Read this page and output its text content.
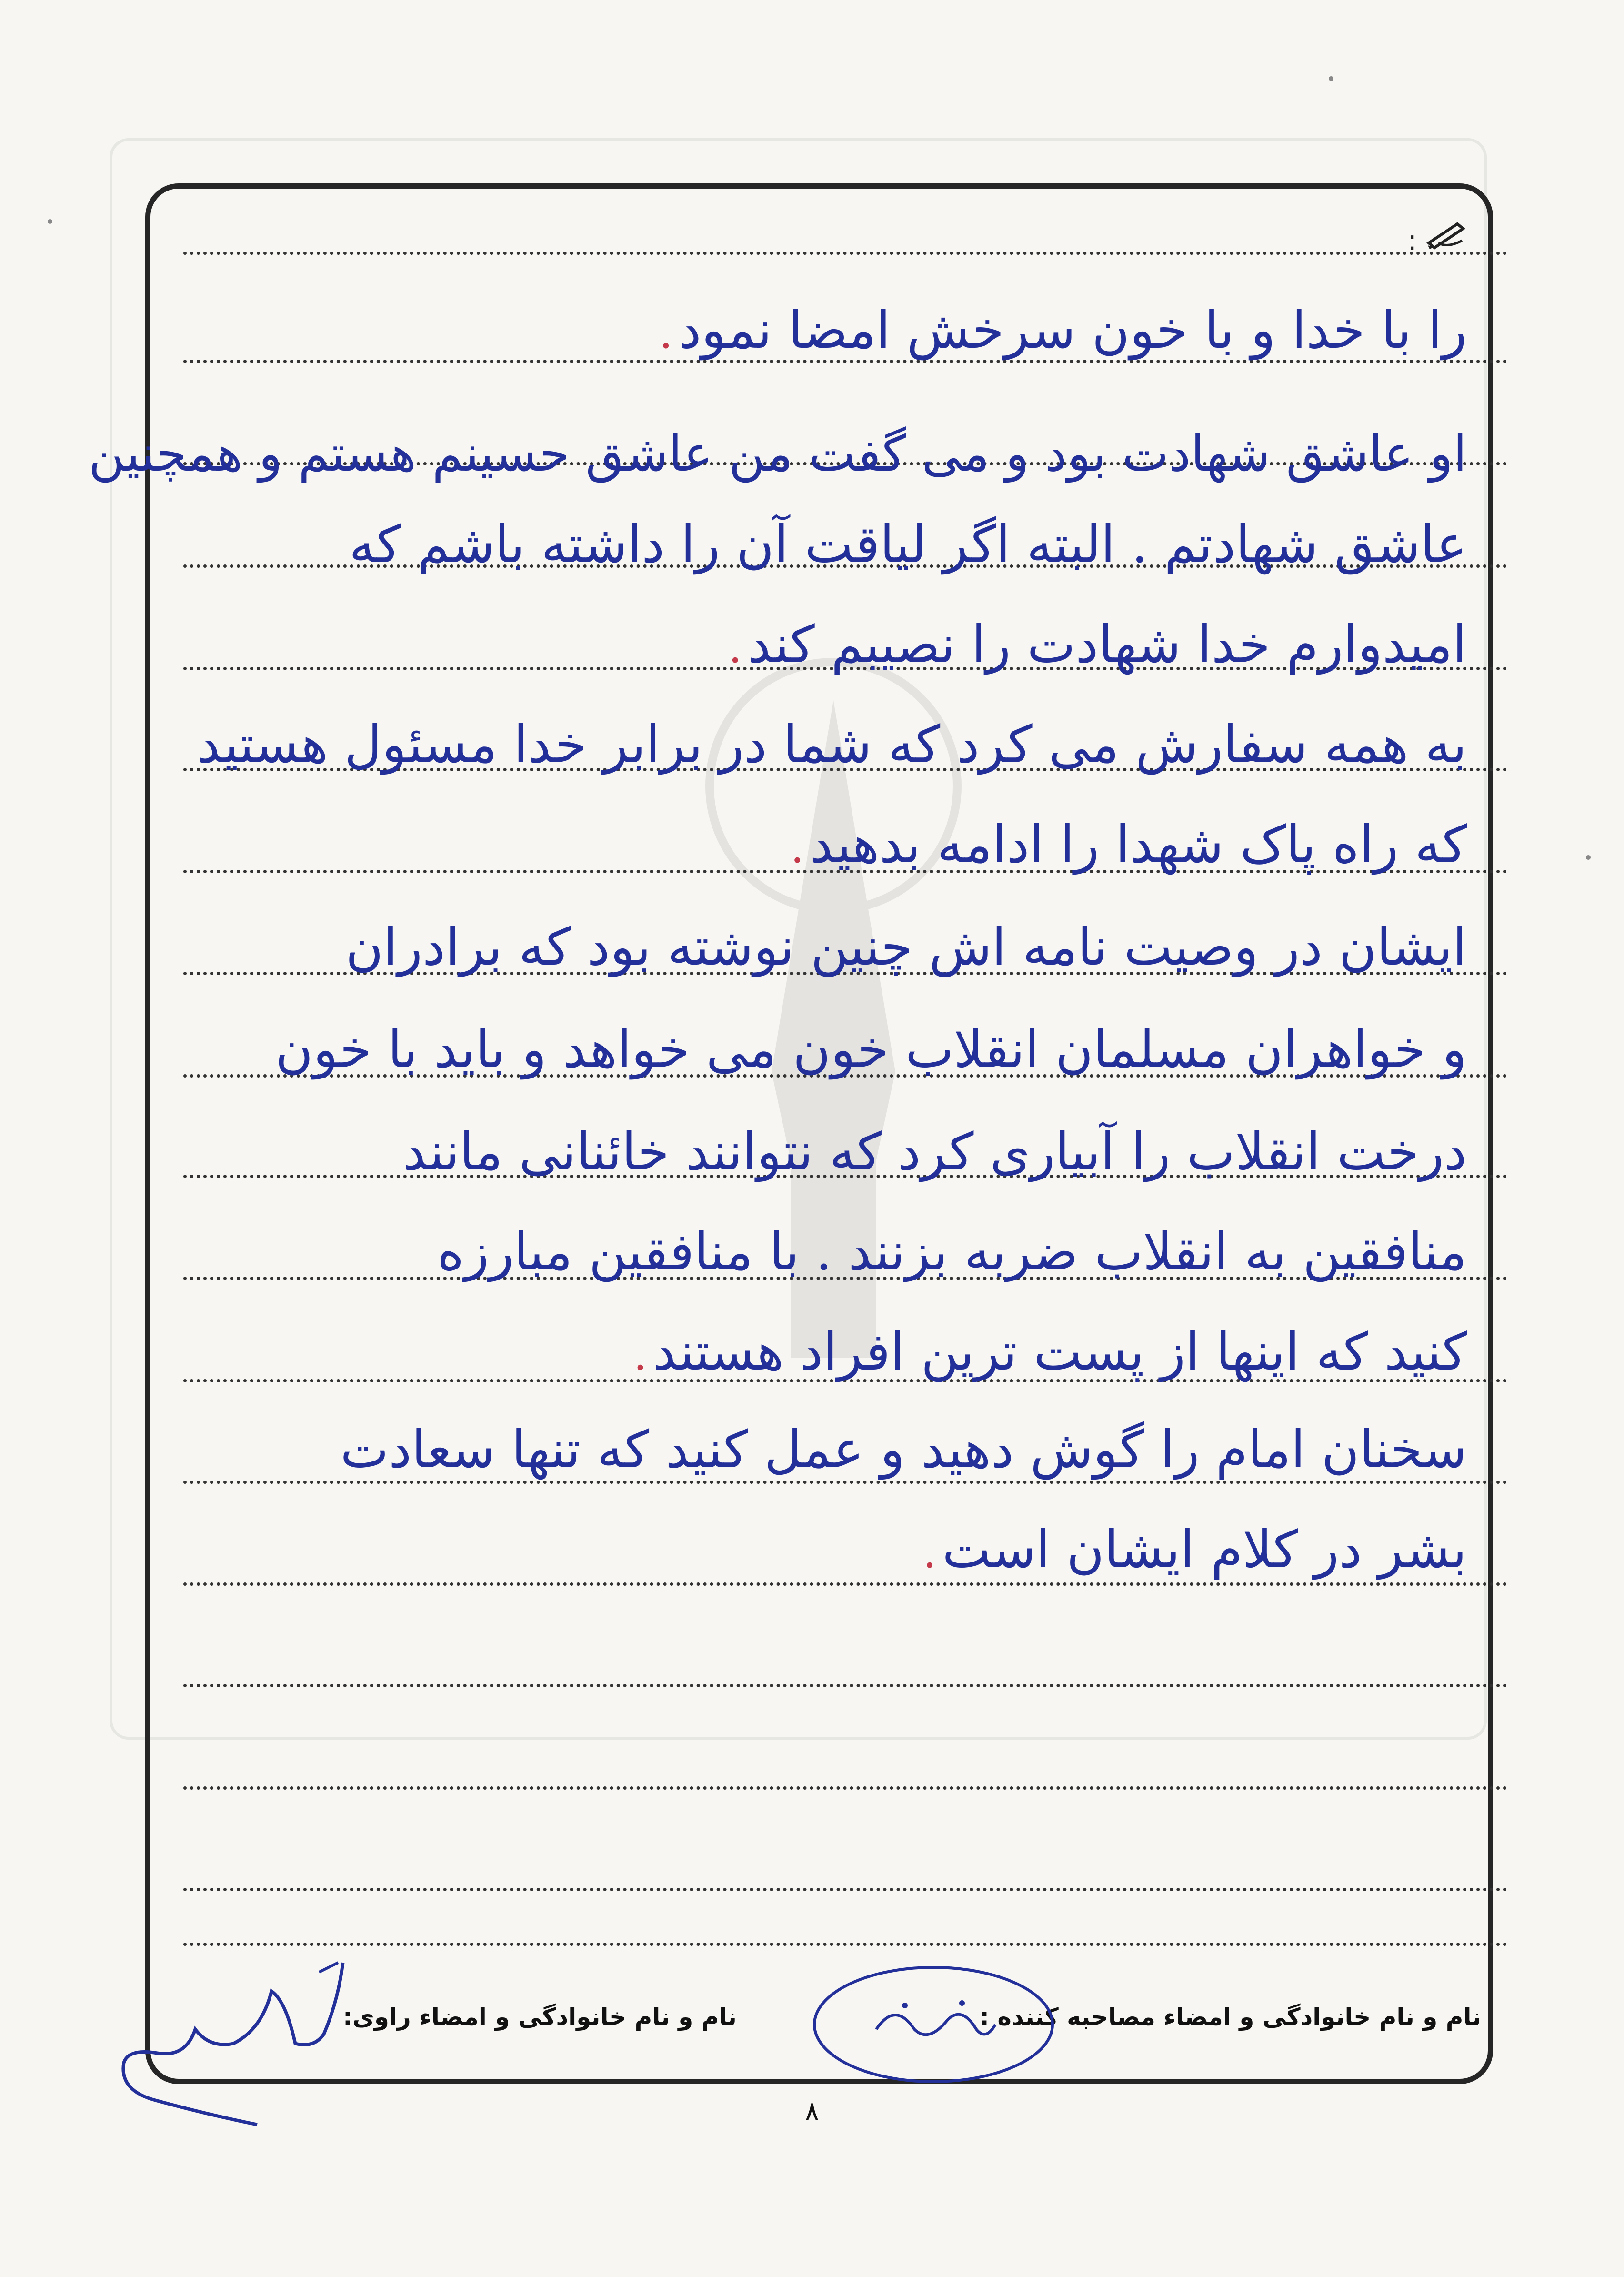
:
را با خدا و با خون سرخش امضا نمود.
او عاشق شهادت بود و می گفت من عاشق حسینم هستم و همچنین
عاشق شهادتم . البته اگر لیاقت آن را داشته باشم که
امیدوارم خدا شهادت را نصیبم کند.
به همه سفارش می کرد که شما در برابر خدا مسئول هستید
که راه پاک شهدا را ادامه بدهید.
ایشان در وصیت نامه اش چنین نوشته بود که برادران
و خواهران مسلمان انقلاب خون می خواهد و باید با خون
درخت انقلاب را آبیاری کرد که نتوانند خائنانی مانند
منافقین به انقلاب ضربه بزنند . با منافقین مبارزه
کنید که اینها از پست ترین افراد هستند.
سخنان امام را گوش دهید و عمل کنید که تنها سعادت
بشر در کلام ایشان است.
نام و نام خانوادگی و امضاء مصاحبه کننده :
نام و نام خانوادگی و امضاء راوی:
۸
